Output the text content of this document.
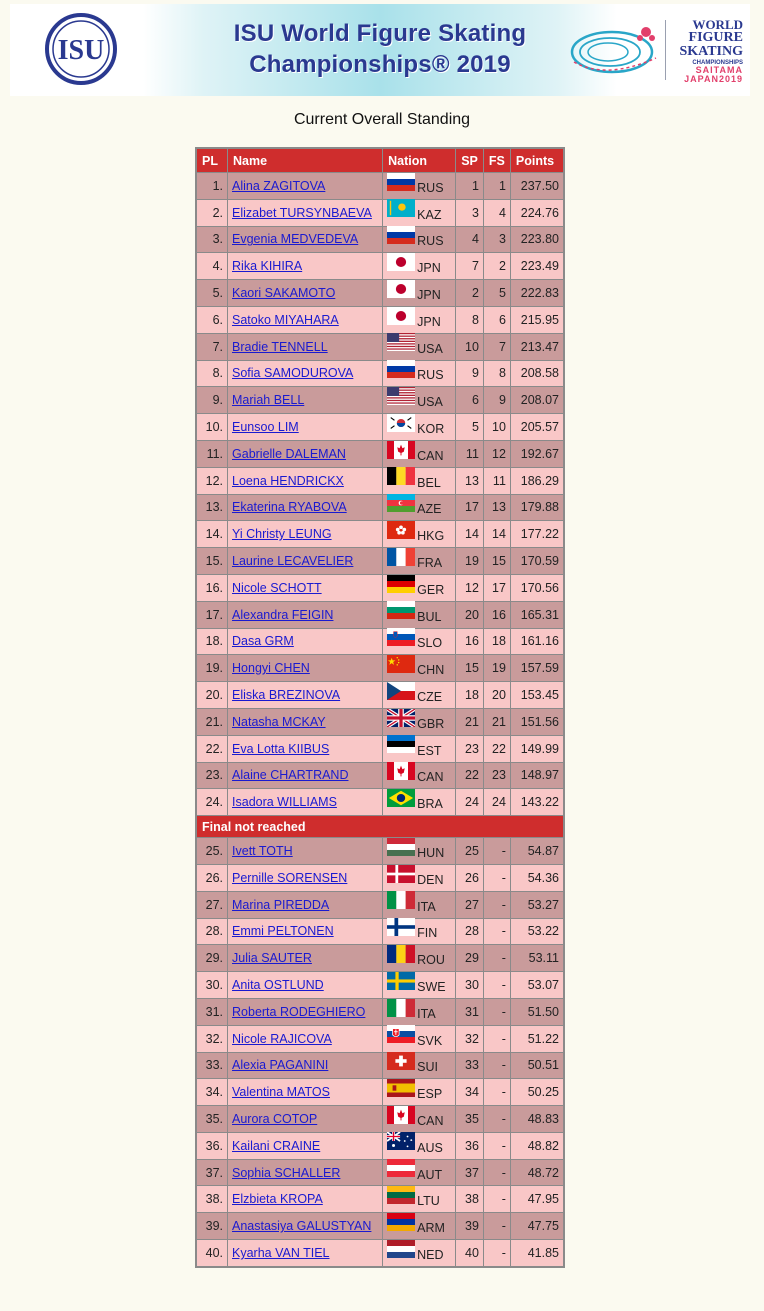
ISU
ISU World Figure Skating
Championships® 2019
WORLD
FIGURE
SKATING
CHAMPIONSHIPS
SAITAMA
JAPAN2019
Current Overall Standing
PL	Name	Nation	SP	FS	Points
1.	Alina ZAGITOVA	RUS	1	1	237.50
2.	Elizabet TURSYNBAEVA	KAZ	3	4	224.76
3.	Evgenia MEDVEDEVA	RUS	4	3	223.80
4.	Rika KIHIRA	JPN	7	2	223.49
5.	Kaori SAKAMOTO	JPN	2	5	222.83
6.	Satoko MIYAHARA	JPN	8	6	215.95
7.	Bradie TENNELL	USA	10	7	213.47
8.	Sofia SAMODUROVA	RUS	9	8	208.58
9.	Mariah BELL	USA	6	9	208.07
10.	Eunsoo LIM	KOR	5	10	205.57
11.	Gabrielle DALEMAN	CAN	11	12	192.67
12.	Loena HENDRICKX	BEL	13	11	186.29
13.	Ekaterina RYABOVA	AZE	17	13	179.88
14.	Yi Christy LEUNG	HKG	14	14	177.22
15.	Laurine LECAVELIER	FRA	19	15	170.59
16.	Nicole SCHOTT	GER	12	17	170.56
17.	Alexandra FEIGIN	BUL	20	16	165.31
18.	Dasa GRM	SLO	16	18	161.16
19.	Hongyi CHEN	CHN	15	19	157.59
20.	Eliska BREZINOVA	CZE	18	20	153.45
21.	Natasha MCKAY	GBR	21	21	151.56
22.	Eva Lotta KIIBUS	EST	23	22	149.99
23.	Alaine CHARTRAND	CAN	22	23	148.97
24.	Isadora WILLIAMS	BRA	24	24	143.22
Final not reached					
25.	Ivett TOTH	HUN	25	-	54.87
26.	Pernille SORENSEN	DEN	26	-	54.36
27.	Marina PIREDDA	ITA	27	-	53.27
28.	Emmi PELTONEN	FIN	28	-	53.22
29.	Julia SAUTER	ROU	29	-	53.11
30.	Anita OSTLUND	SWE	30	-	53.07
31.	Roberta RODEGHIERO	ITA	31	-	51.50
32.	Nicole RAJICOVA	SVK	32	-	51.22
33.	Alexia PAGANINI	SUI	33	-	50.51
34.	Valentina MATOS	ESP	34	-	50.25
35.	Aurora COTOP	CAN	35	-	48.83
36.	Kailani CRAINE	AUS	36	-	48.82
37.	Sophia SCHALLER	AUT	37	-	48.72
38.	Elzbieta KROPA	LTU	38	-	47.95
39.	Anastasiya GALUSTYAN	ARM	39	-	47.75
40.	Kyarha VAN TIEL	NED	40	-	41.85
